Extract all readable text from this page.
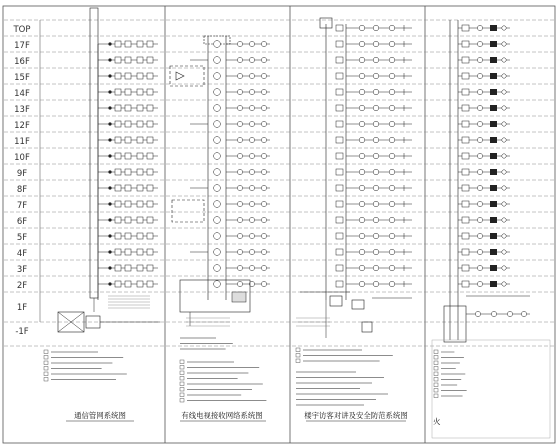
TOP
17F
16F
15F
14F
13F
12F
11F
10F
9F
8F
7F
6F
5F
4F
3F
2F
1F
-1F
通信管网系统图	有线电视接收网络系统图	楼宇访客对讲及安全防范系统图
火
